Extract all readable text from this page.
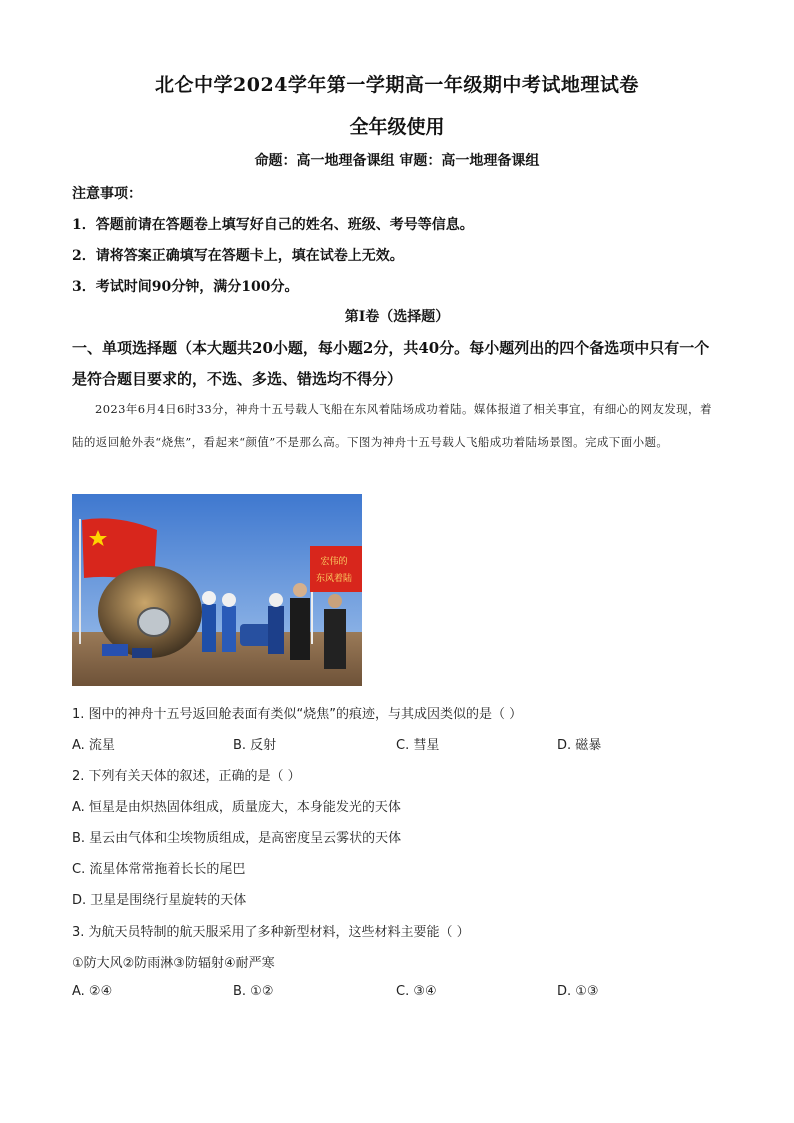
北仑中学2024学年第一学期高一年级期中考试地理试卷
全年级使用
命题：高一地理备课组 审题：高一地理备课组
注意事项：
1．答题前请在答题卷上填写好自己的姓名、班级、考号等信息。
2．请将答案正确填写在答题卡上，填在试卷上无效。
3．考试时间90分钟，满分100分。
第I卷（选择题）
一、单项选择题（本大题共20小题，每小题2分，共40分。每小题列出的四个备选项中只有一个是符合题目要求的，不选、多选、错选均不得分）
2023年6月4日6时33分，神舟十五号载人飞船在东风着陆场成功着陆。媒体报道了相关事宜，有细心的网友发现，着陆的返回舱外表“烧焦”，看起来“颜值”不是那么高。下图为神舟十五号载人飞船成功着陆场景图。完成下面小题。
宏伟的
东风着陆
1. 图中的神舟十五号返回舱表面有类似“烧焦”的痕迹，与其成因类似的是（ ）
A. 流星	B. 反射	C. 彗星	D. 磁暴
2. 下列有关天体的叙述，正确的是（ ）
A. 恒星是由炽热固体组成，质量庞大，本身能发光的天体
B. 星云由气体和尘埃物质组成，是高密度呈云雾状的天体
C. 流星体常常拖着长长的尾巴
D. 卫星是围绕行星旋转的天体
3. 为航天员特制的航天服采用了多种新型材料，这些材料主要能（ ）
①防大风②防雨淋③防辐射④耐严寒
A. ②④	B. ①②	C. ③④	D. ①③
